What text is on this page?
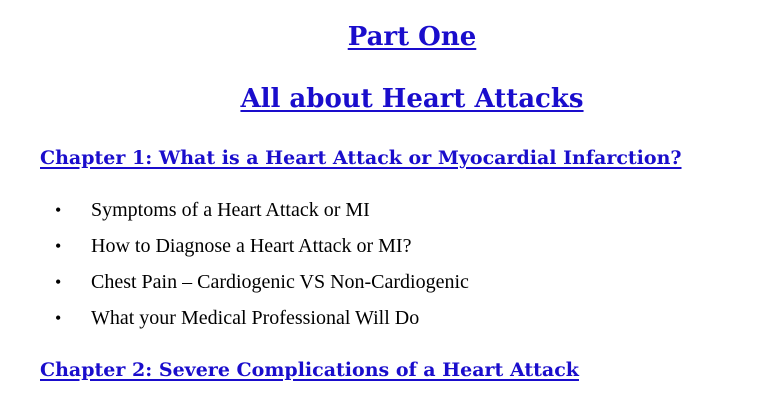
Part One
All about Heart Attacks
Chapter 1: What is a Heart Attack or Myocardial Infarction?
• Symptoms of a Heart Attack or MI
• How to Diagnose a Heart Attack or MI?
• Chest Pain – Cardiogenic VS Non-Cardiogenic
• What your Medical Professional Will Do
Chapter 2: Severe Complications of a Heart Attack
